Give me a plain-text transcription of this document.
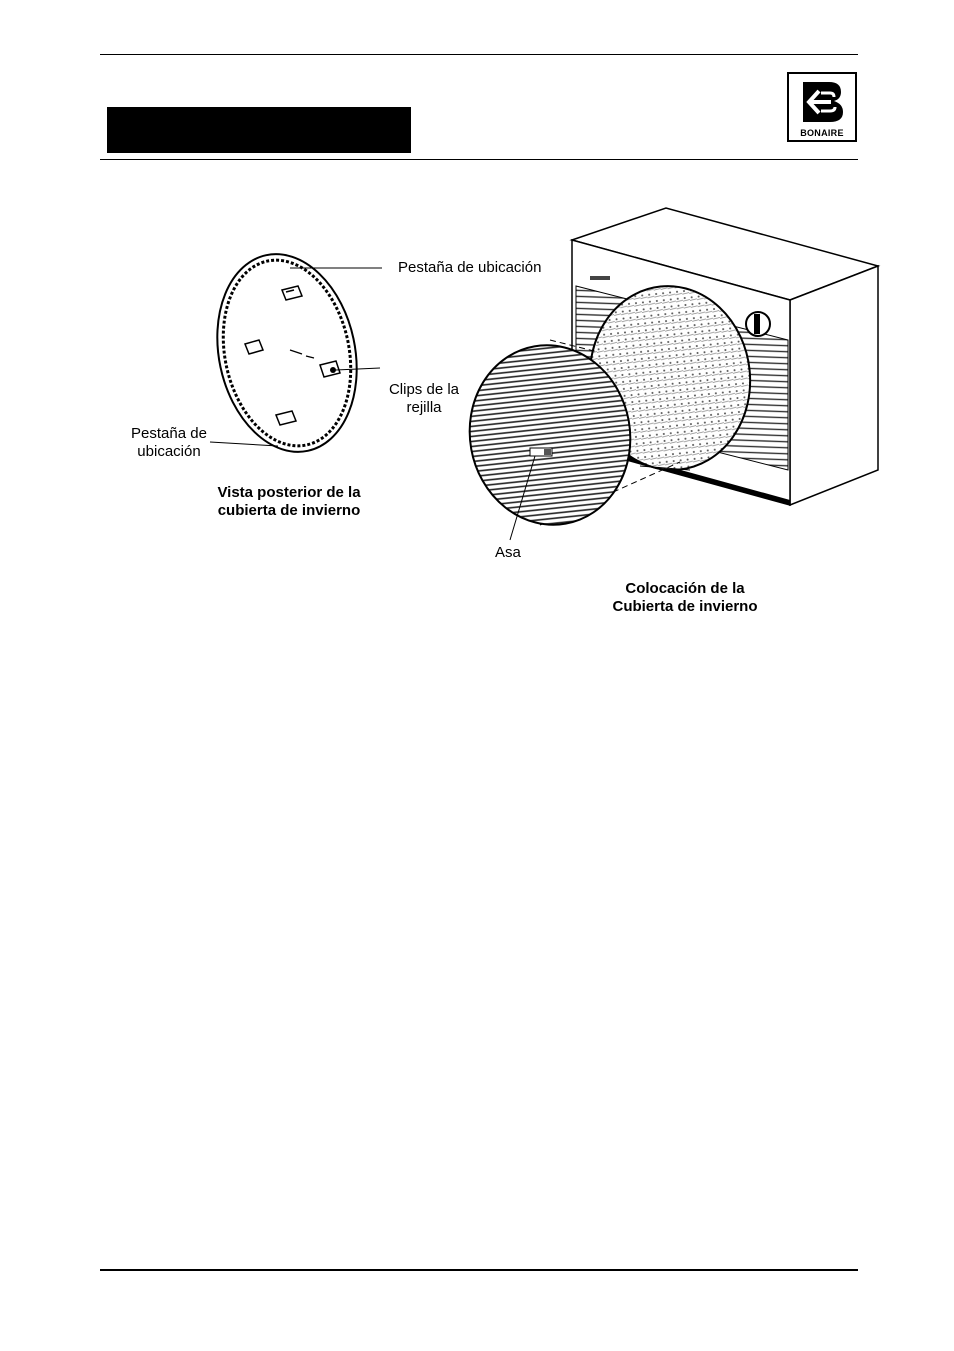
BONAIRE
Pestaña de ubicación
Clips de la
rejilla
Pestaña de
ubicación
Vista posterior de la
cubierta de invierno
Asa
Colocación de la
Cubierta de invierno
